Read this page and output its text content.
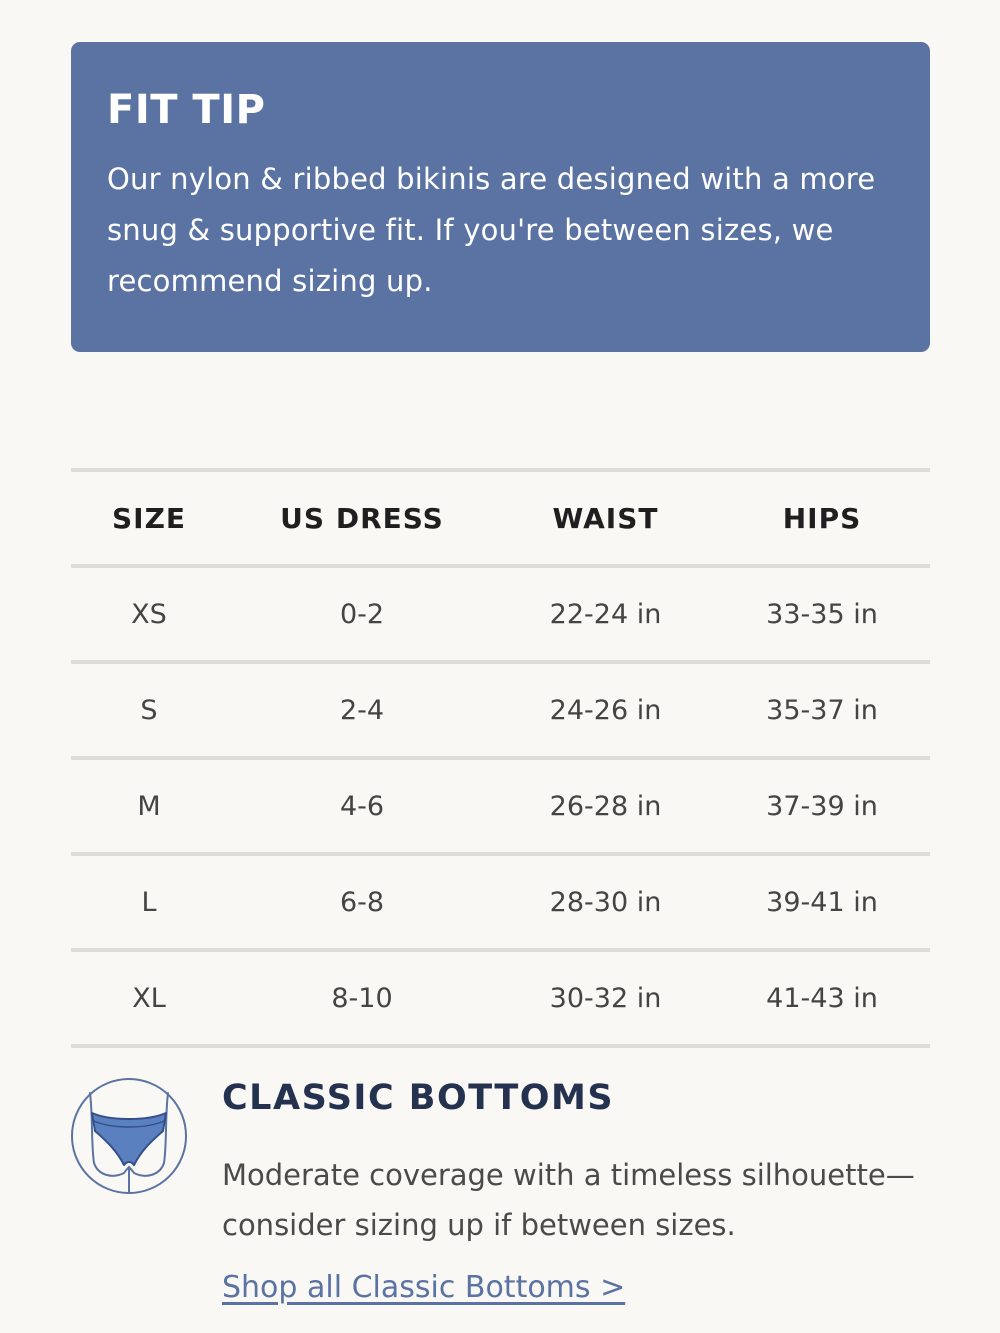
FIT TIP

Our nylon & ribbed bikinis are designed with a more snug & supportive fit. If you're between sizes, we recommend sizing up.

SIZE	US DRESS	WAIST	HIPS
XS	0-2	22-24 in	33-35 in
S	2-4	24-26 in	35-37 in
M	4-6	26-28 in	37-39 in
L	6-8	28-30 in	39-41 in
XL	8-10	30-32 in	41-43 in
CLASSIC BOTTOMS

Moderate coverage with a timeless silhouette—consider sizing up if between sizes.

Shop all Classic Bottoms >
